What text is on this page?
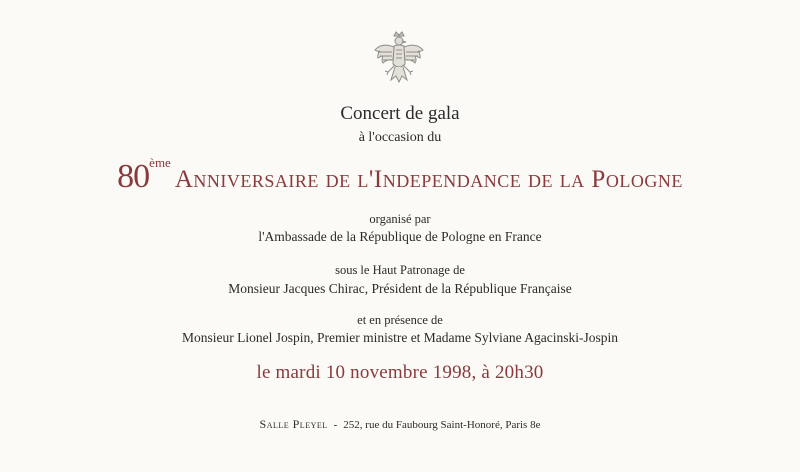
Concert de gala
à l'occasion du
80èmeAnniversaire de l'Independance de la Pologne
organisé par
l'Ambassade de la République de Pologne en France
sous le Haut Patronage de
Monsieur Jacques Chirac, Président de la République Française
et en présence de
Monsieur Lionel Jospin, Premier ministre et Madame Sylviane Agacinski-Jospin
le mardi 10 novembre 1998, à 20h30
Salle Pleyel - 252, rue du Faubourg Saint-Honoré, Paris 8e
